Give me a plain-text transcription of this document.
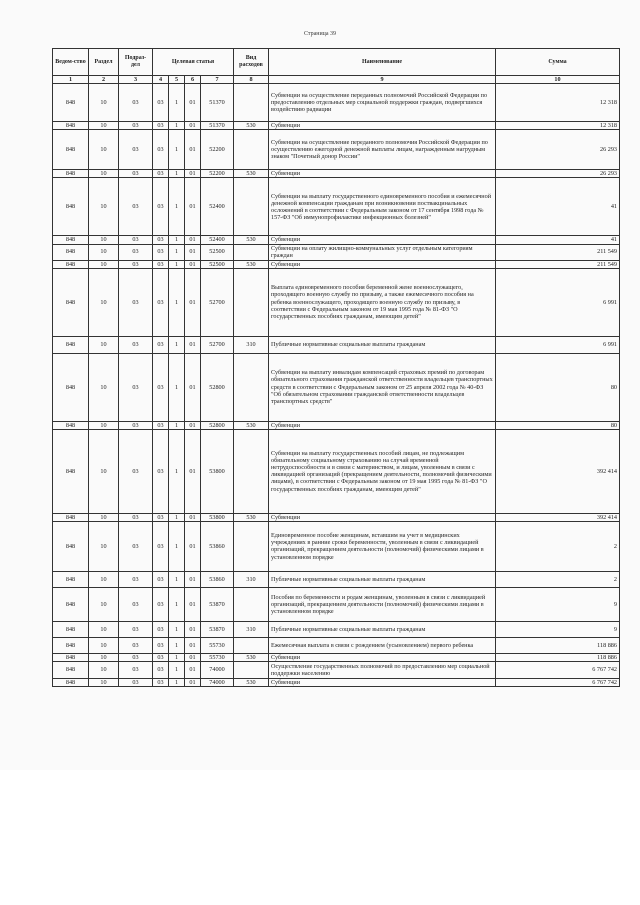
Страница 39
Ведом-ство	Раздел	Подраз-дел	Целевая статья				Вид расходов	Наименование	Сумма
1	2	3	4	5	6	7	8	9	10
848	10	03	03	1	01	51370		Субвенции на осуществление переданных полномочий Российской Федерации по предоставлению отдельных мер социальной поддержки граждан, подвергшихся воздействию радиации	12 318
848	10	03	03	1	01	51370	530	Субвенции	12 318
848	10	03	03	1	01	52200		Субвенции на осуществление переданного полномочия Российской Федерации по осуществлению ежегодной денежной выплаты лицам, награжденным нагрудным знаком "Почетный донор России"	26 293
848	10	03	03	1	01	52200	530	Субвенции	26 293
848	10	03	03	1	01	52400		Субвенции на выплату государственного единовременного пособия и ежемесячной денежной компенсации гражданам при возникновении поствакцинальных осложнений в соответствии с Федеральным законом от 17 сентября 1998 года № 157-ФЗ "Об иммунопрофилактике инфекционных болезней"	41
848	10	03	03	1	01	52400	530	Субвенции	41
848	10	03	03	1	01	52500		Субвенции на оплату жилищно-коммунальных услуг отдельным категориям граждан	211 549
848	10	03	03	1	01	52500	530	Субвенции	211 549
848	10	03	03	1	01	52700		Выплата единовременного пособия беременной жене военнослужащего, проходящего военную службу по призыву, а также ежемесячного пособия на ребенка военнослужащего, проходящего военную службу по призыву, в соответствии с Федеральным законом от 19 мая 1995 года № 81-ФЗ "О государственных пособиях гражданам, имеющим детей"	6 991
848	10	03	03	1	01	52700	310	Публичные нормативные социальные выплаты гражданам	6 991
848	10	03	03	1	01	52800		Субвенции на выплату инвалидам компенсаций страховых премий по договорам обязательного страхования гражданской ответственности владельцев транспортных средств в соответствии с Федеральным законом от 25 апреля 2002 года № 40-ФЗ "Об обязательном страховании гражданской ответственности владельцев транспортных средств"	80
848	10	03	03	1	01	52800	530	Субвенции	80
848	10	03	03	1	01	53800		Субвенции на выплату государственных пособий лицам, не подлежащим обязательному социальному страхованию на случай временной нетрудоспособности и в связи с материнством, и лицам, уволенным в связи с ликвидацией организаций (прекращением деятельности, полномочий физическими лицами), в соответствии с Федеральным законом от 19 мая 1995 года № 81-ФЗ "О государственных пособиях гражданам, имеющим детей"	392 414
848	10	03	03	1	01	53800	530	Субвенции	392 414
848	10	03	03	1	01	53860		Единовременное пособие женщинам, вставшим на учет в медицинских учреждениях в ранние сроки беременности, уволенным в связи с ликвидацией организаций, прекращением деятельности (полномочий) физическими лицами в установленном порядке	2
848	10	03	03	1	01	53860	310	Публичные нормативные социальные выплаты гражданам	2
848	10	03	03	1	01	53870		Пособия по беременности и родам женщинам, уволенным в связи с ликвидацией организаций, прекращением деятельности (полномочий) физическими лицами в установленном порядке	9
848	10	03	03	1	01	53870	310	Публичные нормативные социальные выплаты гражданам	9
848	10	03	03	1	01	55730		Ежемесячная выплата в связи с рождением (усыновлением) первого ребенка	118 886
848	10	03	03	1	01	55730	530	Субвенции	118 886
848	10	03	03	1	01	74000		Осуществление государственных полномочий по предоставлению мер социальной поддержки населению	6 767 742
848	10	03	03	1	01	74000	530	Субвенции	6 767 742
